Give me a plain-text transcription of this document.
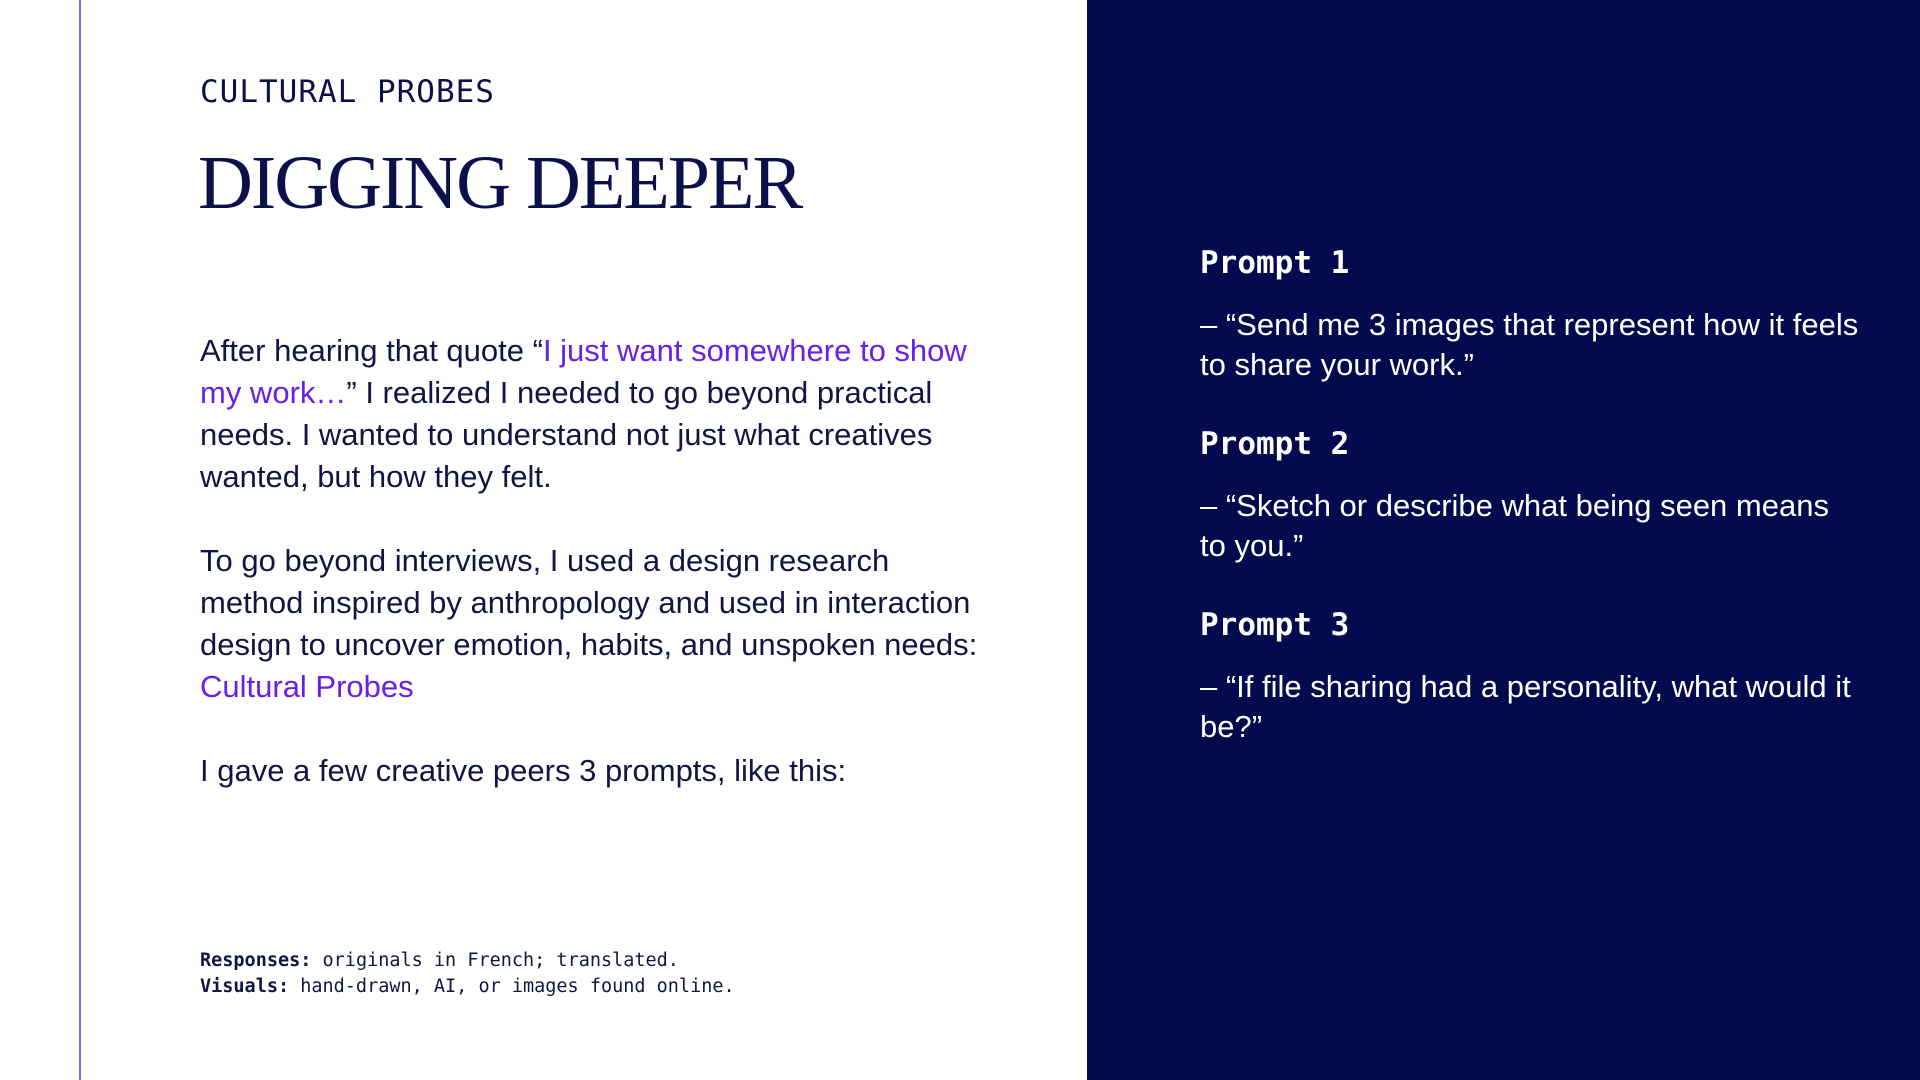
CULTURAL PROBES
DIGGING DEEPER
After hearing that quote “I just want somewhere to show my work…” I realized I needed to go beyond practical needs. I wanted to understand not just what creatives wanted, but how they felt.
To go beyond interviews, I used a design research method inspired by anthropology and used in interaction design to uncover emotion, habits, and unspoken needs: Cultural Probes
I gave a few creative peers 3 prompts, like this:
Responses: originals in French; translated.
Visuals: hand-drawn, AI, or images found online.
Prompt 1
– “Send me 3 images that represent how it feels to share your work.”
Prompt 2
– “Sketch or describe what being seen means to you.”
Prompt 3
– “If file sharing had a personality, what would it be?”
